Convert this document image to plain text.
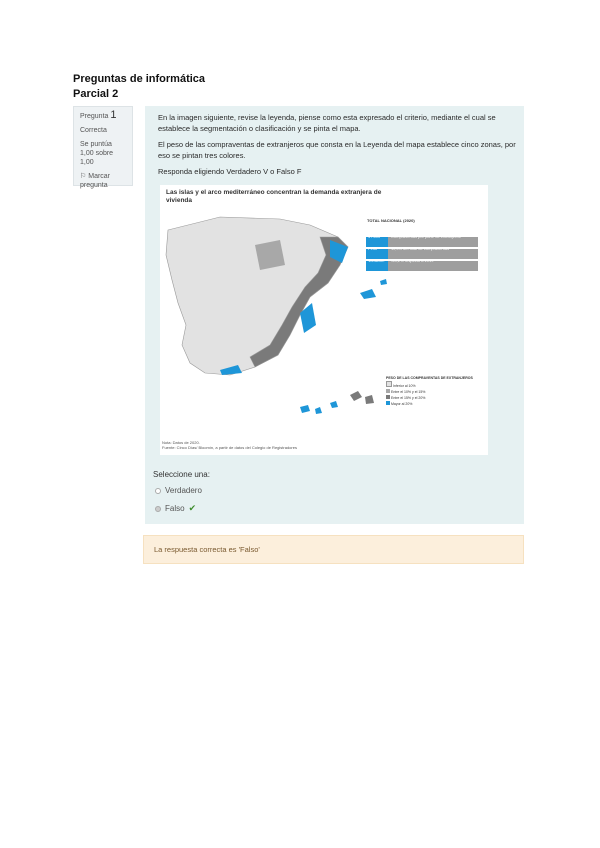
Preguntas de informática
Parcial 2

Pregunta 1

Correcta

Se puntúa 1,00 sobre 1,00

⚐ Marcar pregunta

En la imagen siguiente, revise la leyenda, piense como esta expresado el criterio, mediante el cual se establece la segmentación o clasificación y se pinta el mapa.

El peso de las compraventas de extranjeros que consta en la Leyenda del mapa establece cinco zonas, por eso se pintan tres colores.

Responda eligiendo Verdadero V o Falso F

Las islas y el arco mediterráneo concentran la demanda extranjera de vivienda
TOTAL NACIONAL (2020)
47.600	Compraventas por parte de extranjeros
Peso	11,3% del total de compraventas
Variación -24,2% respecto a 2019
PESO DE LAS COMPRAVENTAS DE EXTRANJEROS
Inferior al 10%
Entre el 10% y el 15%
Entre el 15% y el 20%
Mayor al 20%
Nota: Datos de 2020.
Fuente: Cinco Días/ Bloomín, a partir de datos del Colegio de Registradores
Seleccione una:
Verdadero
Falso ✔
La respuesta correcta es 'Falso'
